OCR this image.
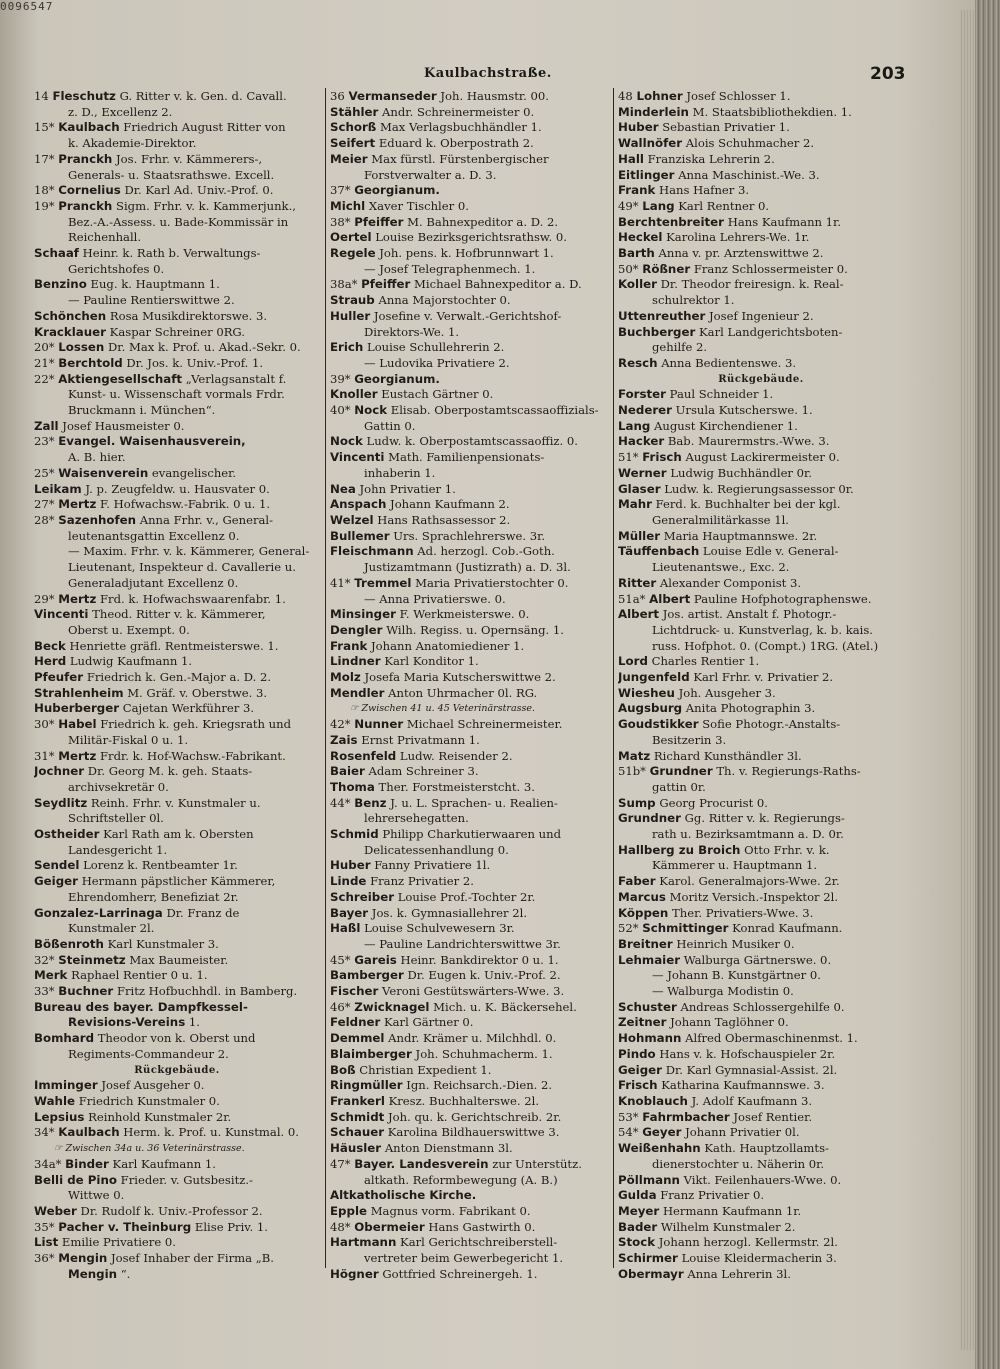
0096547
Kaulbachstraße.	203
14 Fleschutz G. Ritter v. k. Gen. d. Cavall.
z. D., Excellenz 2.
15* Kaulbach Friedrich August Ritter von
k. Akademie-Direktor.
17* Pranckh Jos. Frhr. v. Kämmerers-,
Generals- u. Staatsrathswe. Excell.
18* Cornelius Dr. Karl Ad. Univ.-Prof. 0.
19* Pranckh Sigm. Frhr. v. k. Kammerjunk.,
Bez.-A.-Assess. u. Bade-Kommissär in
Reichenhall.
Schaaf Heinr. k. Rath b. Verwaltungs-
Gerichtshofes 0.
Benzino Eug. k. Hauptmann 1.
— Pauline Rentierswittwe 2.
Schönchen Rosa Musikdirektorswe. 3.
Kracklauer Kaspar Schreiner 0RG.
20* Lossen Dr. Max k. Prof. u. Akad.-Sekr. 0.
21* Berchtold Dr. Jos. k. Univ.-Prof. 1.
22* Aktiengesellschaft „Verlagsanstalt f.
Kunst- u. Wissenschaft vormals Frdr.
Bruckmann i. München“.
Zall Josef Hausmeister 0.
23* Evangel. Waisenhausverein,
A. B. hier.
25* Waisenverein evangelischer.
Leikam J. p. Zeugfeldw. u. Hausvater 0.
27* Mertz F. Hofwachsw.-Fabrik. 0 u. 1.
28* Sazenhofen Anna Frhr. v., General-
leutenantsgattin Excellenz 0.
— Maxim. Frhr. v. k. Kämmerer, General-
Lieutenant, Inspekteur d. Cavallerie u.
Generaladjutant Excellenz 0.
29* Mertz Frd. k. Hofwachswaarenfabr. 1.
Vincenti Theod. Ritter v. k. Kämmerer,
Oberst u. Exempt. 0.
Beck Henriette gräfl. Rentmeisterswe. 1.
Herd Ludwig Kaufmann 1.
Pfeufer Friedrich k. Gen.-Major a. D. 2.
Strahlenheim M. Gräf. v. Oberstwe. 3.
Huberberger Cajetan Werkführer 3.
30* Habel Friedrich k. geh. Kriegsrath und
Militär-Fiskal 0 u. 1.
31* Mertz Frdr. k. Hof-Wachsw.-Fabrikant.
Jochner Dr. Georg M. k. geh. Staats-
archivsekretär 0.
Seydlitz Reinh. Frhr. v. Kunstmaler u.
Schriftsteller 0l.
Ostheider Karl Rath am k. Obersten
Landesgericht 1.
Sendel Lorenz k. Rentbeamter 1r.
Geiger Hermann päpstlicher Kämmerer,
Ehrendomherr, Benefiziat 2r.
Gonzalez-Larrinaga Dr. Franz de
Kunstmaler 2l.
Bößenroth Karl Kunstmaler 3.
32* Steinmetz Max Baumeister.
Merk Raphael Rentier 0 u. 1.
33* Buchner Fritz Hofbuchhdl. in Bamberg.
Bureau des bayer. Dampfkessel-
Revisions-Vereins 1.
Bomhard Theodor von k. Oberst und
Regiments-Commandeur 2.
Rückgebäude.
Imminger Josef Ausgeher 0.
Wahle Friedrich Kunstmaler 0.
Lepsius Reinhold Kunstmaler 2r.
34* Kaulbach Herm. k. Prof. u. Kunstmal. 0.
☞ Zwischen 34a u. 36 Veterinärstrasse.
34a* Binder Karl Kaufmann 1.
Belli de Pino Frieder. v. Gutsbesitz.-
Wittwe 0.
Weber Dr. Rudolf k. Univ.-Professor 2.
35* Pacher v. Theinburg Elise Priv. 1.
List Emilie Privatiere 0.
36* Mengin Josef Inhaber der Firma „B.
Mengin “.
36 Vermanseder Joh. Hausmstr. 00.
Stähler Andr. Schreinermeister 0.
Schorß Max Verlagsbuchhändler 1.
Seifert Eduard k. Oberpostrath 2.
Meier Max fürstl. Fürstenbergischer
Forstverwalter a. D. 3.
37* Georgianum.
Michl Xaver Tischler 0.
38* Pfeiffer M. Bahnexpeditor a. D. 2.
Oertel Louise Bezirksgerichtsrathsw. 0.
Regele Joh. pens. k. Hofbrunnwart 1.
— Josef Telegraphenmech. 1.
38a* Pfeiffer Michael Bahnexpeditor a. D.
Straub Anna Majorstochter 0.
Huller Josefine v. Verwalt.-Gerichtshof-
Direktors-We. 1.
Erich Louise Schullehrerin 2.
— Ludovika Privatiere 2.
39* Georgianum.
Knoller Eustach Gärtner 0.
40* Nock Elisab. Oberpostamtscassaoffizials-
Gattin 0.
Nock Ludw. k. Oberpostamtscassaoffiz. 0.
Vincenti Math. Familienpensionats-
inhaberin 1.
Nea John Privatier 1.
Anspach Johann Kaufmann 2.
Welzel Hans Rathsassessor 2.
Bullemer Urs. Sprachlehrerswe. 3r.
Fleischmann Ad. herzogl. Cob.-Goth.
Justizamtmann (Justizrath) a. D. 3l.
41* Tremmel Maria Privatierstochter 0.
— Anna Privatierswe. 0.
Minsinger F. Werkmeisterswe. 0.
Dengler Wilh. Regiss. u. Opernsäng. 1.
Frank Johann Anatomiediener 1.
Lindner Karl Konditor 1.
Molz Josefa Maria Kutscherswittwe 2.
Mendler Anton Uhrmacher 0l. RG.
☞ Zwischen 41 u. 45 Veterinärstrasse.
42* Nunner Michael Schreinermeister.
Zais Ernst Privatmann 1.
Rosenfeld Ludw. Reisender 2.
Baier Adam Schreiner 3.
Thoma Ther. Forstmeisterstcht. 3.
44* Benz J. u. L. Sprachen- u. Realien-
lehrersehegatten.
Schmid Philipp Charkutierwaaren und
Delicatessenhandlung 0.
Huber Fanny Privatiere 1l.
Linde Franz Privatier 2.
Schreiber Louise Prof.-Tochter 2r.
Bayer Jos. k. Gymnasiallehrer 2l.
Haßl Louise Schulvewesern 3r.
— Pauline Landrichterswittwe 3r.
45* Gareis Heinr. Bankdirektor 0 u. 1.
Bamberger Dr. Eugen k. Univ.-Prof. 2.
Fischer Veroni Gestütswärters-Wwe. 3.
46* Zwicknagel Mich. u. K. Bäckersehel.
Feldner Karl Gärtner 0.
Demmel Andr. Krämer u. Milchhdl. 0.
Blaimberger Joh. Schuhmacherm. 1.
Boß Christian Expedient 1.
Ringmüller Ign. Reichsarch.-Dien. 2.
Frankerl Kresz. Buchhalterswe. 2l.
Schmidt Joh. qu. k. Gerichtschreib. 2r.
Schauer Karolina Bildhauerswittwe 3.
Häusler Anton Dienstmann 3l.
47* Bayer. Landesverein zur Unterstütz.
altkath. Reformbewegung (A. B.)
Altkatholische Kirche.
Epple Magnus vorm. Fabrikant 0.
48* Obermeier Hans Gastwirth 0.
Hartmann Karl Gerichtschreiberstell-
vertreter beim Gewerbegericht 1.
Högner Gottfried Schreinergeh. 1.
48 Lohner Josef Schlosser 1.
Minderlein M. Staatsbibliothekdien. 1.
Huber Sebastian Privatier 1.
Wallnöfer Alois Schuhmacher 2.
Hall Franziska Lehrerin 2.
Eitlinger Anna Maschinist.-We. 3.
Frank Hans Hafner 3.
49* Lang Karl Rentner 0.
Berchtenbreiter Hans Kaufmann 1r.
Heckel Karolina Lehrers-We. 1r.
Barth Anna v. pr. Arztenswittwe 2.
50* Rößner Franz Schlossermeister 0.
Koller Dr. Theodor freiresign. k. Real-
schulrektor 1.
Uttenreuther Josef Ingenieur 2.
Buchberger Karl Landgerichtsboten-
gehilfe 2.
Resch Anna Bedientenswe. 3.
Rückgebäude.
Forster Paul Schneider 1.
Nederer Ursula Kutscherswe. 1.
Lang August Kirchendiener 1.
Hacker Bab. Maurermstrs.-Wwe. 3.
51* Frisch August Lackirermeister 0.
Werner Ludwig Buchhändler 0r.
Glaser Ludw. k. Regierungsassessor 0r.
Mahr Ferd. k. Buchhalter bei der kgl.
Generalmilitärkasse 1l.
Müller Maria Hauptmannswe. 2r.
Täuffenbach Louise Edle v. General-
Lieutenantswe., Exc. 2.
Ritter Alexander Componist 3.
51a* Albert Pauline Hofphotographenswe.
Albert Jos. artist. Anstalt f. Photogr.-
Lichtdruck- u. Kunstverlag, k. b. kais.
russ. Hofphot. 0. (Compt.) 1RG. (Atel.)
Lord Charles Rentier 1.
Jungenfeld Karl Frhr. v. Privatier 2.
Wiesheu Joh. Ausgeher 3.
Augsburg Anita Photographin 3.
Goudstikker Sofie Photogr.-Anstalts-
Besitzerin 3.
Matz Richard Kunsthändler 3l.
51b* Grundner Th. v. Regierungs-Raths-
gattin 0r.
Sump Georg Procurist 0.
Grundner Gg. Ritter v. k. Regierungs-
rath u. Bezirksamtmann a. D. 0r.
Hallberg zu Broich Otto Frhr. v. k.
Kämmerer u. Hauptmann 1.
Faber Karol. Generalmajors-Wwe. 2r.
Marcus Moritz Versich.-Inspektor 2l.
Köppen Ther. Privatiers-Wwe. 3.
52* Schmittinger Konrad Kaufmann.
Breitner Heinrich Musiker 0.
Lehmaier Walburga Gärtnerswe. 0.
— Johann B. Kunstgärtner 0.
— Walburga Modistin 0.
Schuster Andreas Schlossergehilfe 0.
Zeitner Johann Taglöhner 0.
Hohmann Alfred Obermaschinenmst. 1.
Pindo Hans v. k. Hofschauspieler 2r.
Geiger Dr. Karl Gymnasial-Assist. 2l.
Frisch Katharina Kaufmannswe. 3.
Knoblauch J. Adolf Kaufmann 3.
53* Fahrmbacher Josef Rentier.
54* Geyer Johann Privatier 0l.
Weißenhahn Kath. Hauptzollamts-
dienerstochter u. Näherin 0r.
Pöllmann Vikt. Feilenhauers-Wwe. 0.
Gulda Franz Privatier 0.
Meyer Hermann Kaufmann 1r.
Bader Wilhelm Kunstmaler 2.
Stock Johann herzogl. Kellermstr. 2l.
Schirmer Louise Kleidermacherin 3.
Obermayr Anna Lehrerin 3l.
